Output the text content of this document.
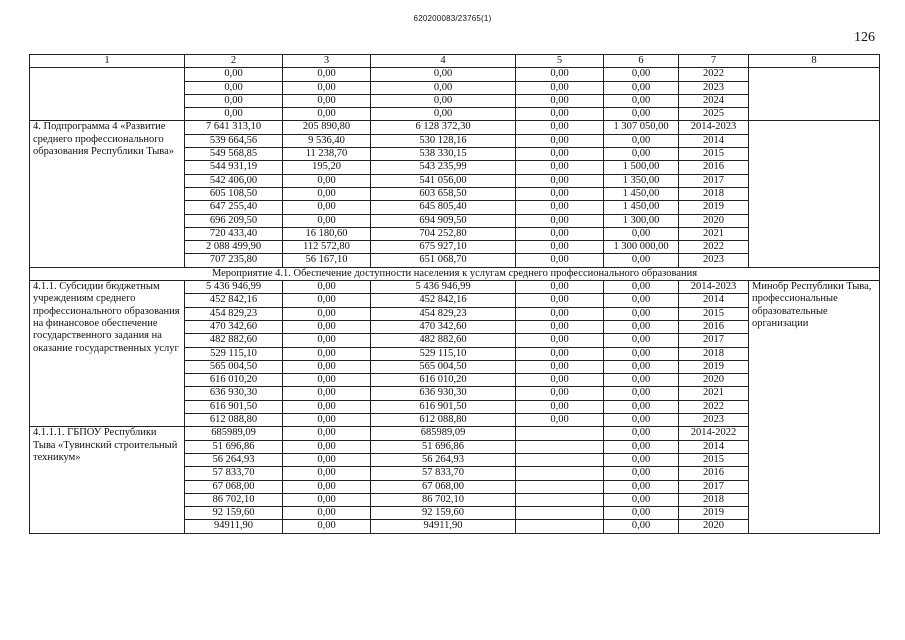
620200083/23765(1)
126
1	2	3	4	5	6	7	8
	0,00	0,00	0,00	0,00	0,00	2022	
	0,00	0,00	0,00	0,00	0,00	2023	
	0,00	0,00	0,00	0,00	0,00	2024	
	0,00	0,00	0,00	0,00	0,00	2025	
4. Подпрограмма 4 «Развитие среднего профессионального образования Республики Тыва»	7 641 313,10	205 890,80	6 128 372,30	0,00	1 307 050,00	2014-2023	
	539 664,56	9 536,40	530 128,16	0,00	0,00	2014	
	549 568,85	11 238,70	538 330,15	0,00	0,00	2015	
	544 931,19	195,20	543 235,99	0,00	1 500,00	2016	
	542 406,00	0,00	541 056,00	0,00	1 350,00	2017	
	605 108,50	0,00	603 658,50	0,00	1 450,00	2018	
	647 255,40	0,00	645 805,40	0,00	1 450,00	2019	
	696 209,50	0,00	694 909,50	0,00	1 300,00	2020	
	720 433,40	16 180,60	704 252,80	0,00	0,00	2021	
	2 088 499,90	112 572,80	675 927,10	0,00	1 300 000,00	2022	
	707 235,80	56 167,10	651 068,70	0,00	0,00	2023	
Мероприятие 4.1. Обеспечение доступности населения к услугам среднего профессионального образования							
4.1.1. Субсидии бюджетным учреждениям среднего профессионального образования на финансовое обеспечение государственного задания на оказание государственных услуг	5 436 946,99	0,00	5 436 946,99	0,00	0,00	2014-2023	Минобр Республики Тыва, профессиональные образовательные организации
	452 842,16	0,00	452 842,16	0,00	0,00	2014	
	454 829,23	0,00	454 829,23	0,00	0,00	2015	
	470 342,60	0,00	470 342,60	0,00	0,00	2016	
	482 882,60	0,00	482 882,60	0,00	0,00	2017	
	529 115,10	0,00	529 115,10	0,00	0,00	2018	
	565 004,50	0,00	565 004,50	0,00	0,00	2019	
	616 010,20	0,00	616 010,20	0,00	0,00	2020	
	636 930,30	0,00	636 930,30	0,00	0,00	2021	
	616 901,50	0,00	616 901,50	0,00	0,00	2022	
	612 088,80	0,00	612 088,80	0,00	0,00	2023	
4.1.1.1. ГБПОУ Республики Тыва «Тувинский строительный техникум»	685989,09	0,00	685989,09		0,00	2014-2022	
	51 696,86	0,00	51 696,86		0,00	2014	
	56 264,93	0,00	56 264,93		0,00	2015	
	57 833,70	0,00	57 833,70		0,00	2016	
	67 068,00	0,00	67 068,00		0,00	2017	
	86 702,10	0,00	86 702,10		0,00	2018	
	92 159,60	0,00	92 159,60		0,00	2019	
	94911,90	0,00	94911,90		0,00	2020	
